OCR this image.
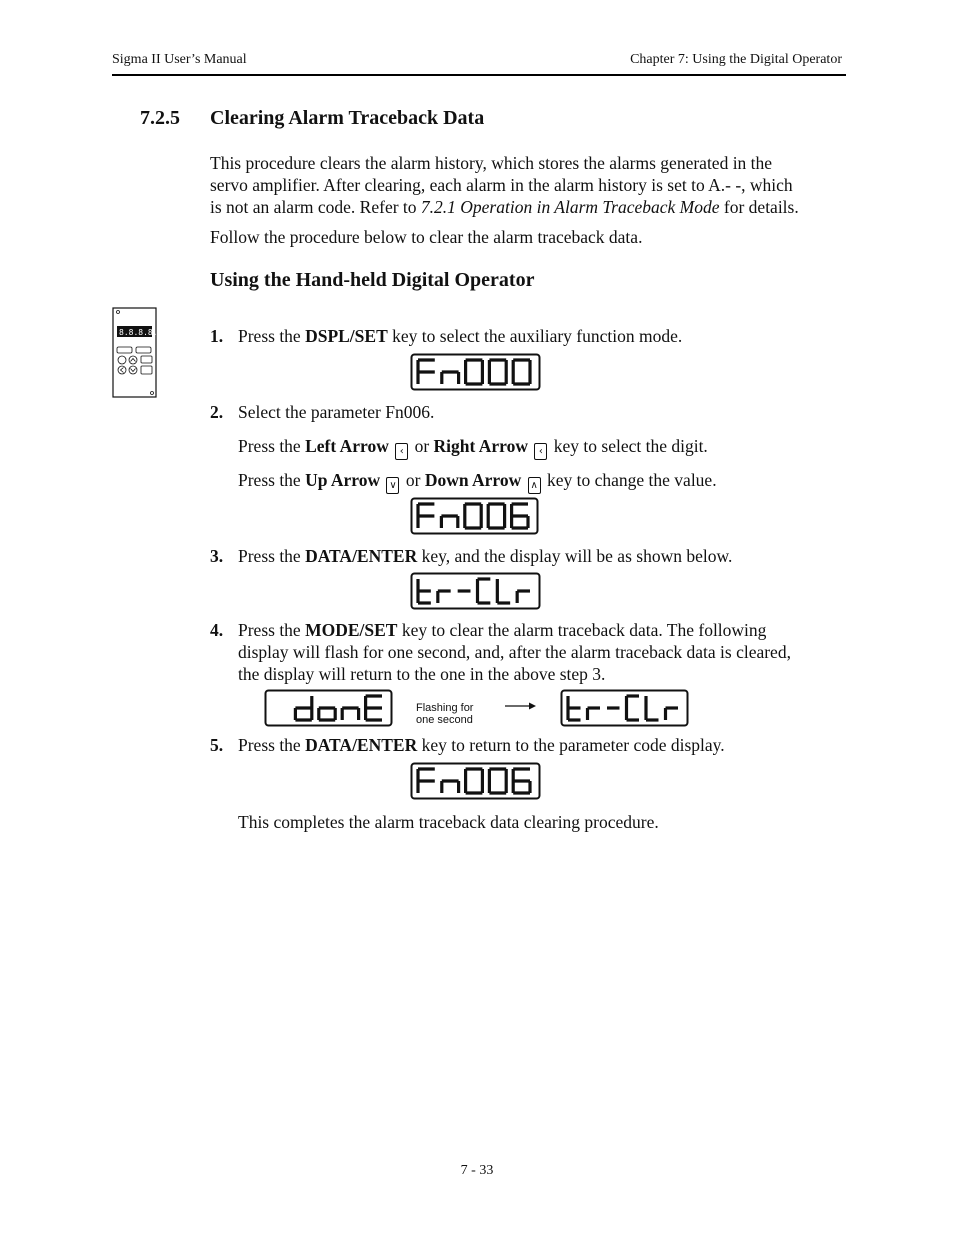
Sigma II User’s Manual	Chapter 7: Using the Digital Operator
7.2.5 Clearing Alarm Traceback Data
This procedure clears the alarm history, which stores the alarms generated in the
servo amplifier. After clearing, each alarm in the alarm history is set to A.- -, which
is not an alarm code. Refer to 7.2.1 Operation in Alarm Traceback Mode for details.
Follow the procedure below to clear the alarm traceback data.
Using the Hand-held Digital Operator
8.8.8.8.8	1. Press the DSPL/SET key to select the auxiliary function mode.
2. Select the parameter Fn006.
Press the Left Arrow ‹ or Right Arrow ‹ key to select the digit.
Press the Up Arrow ∨ or Down Arrow ∧ key to change the value.
3. Press the DATA/ENTER key, and the display will be as shown below.
4. Press the MODE/SET key to clear the alarm traceback data. The following
display will flash for one second, and, after the alarm traceback data is cleared,
the display will return to the one in the above step 3.
Flashing for
one second
5. Press the DATA/ENTER key to return to the parameter code display.
This completes the alarm traceback data clearing procedure.
7 - 33
